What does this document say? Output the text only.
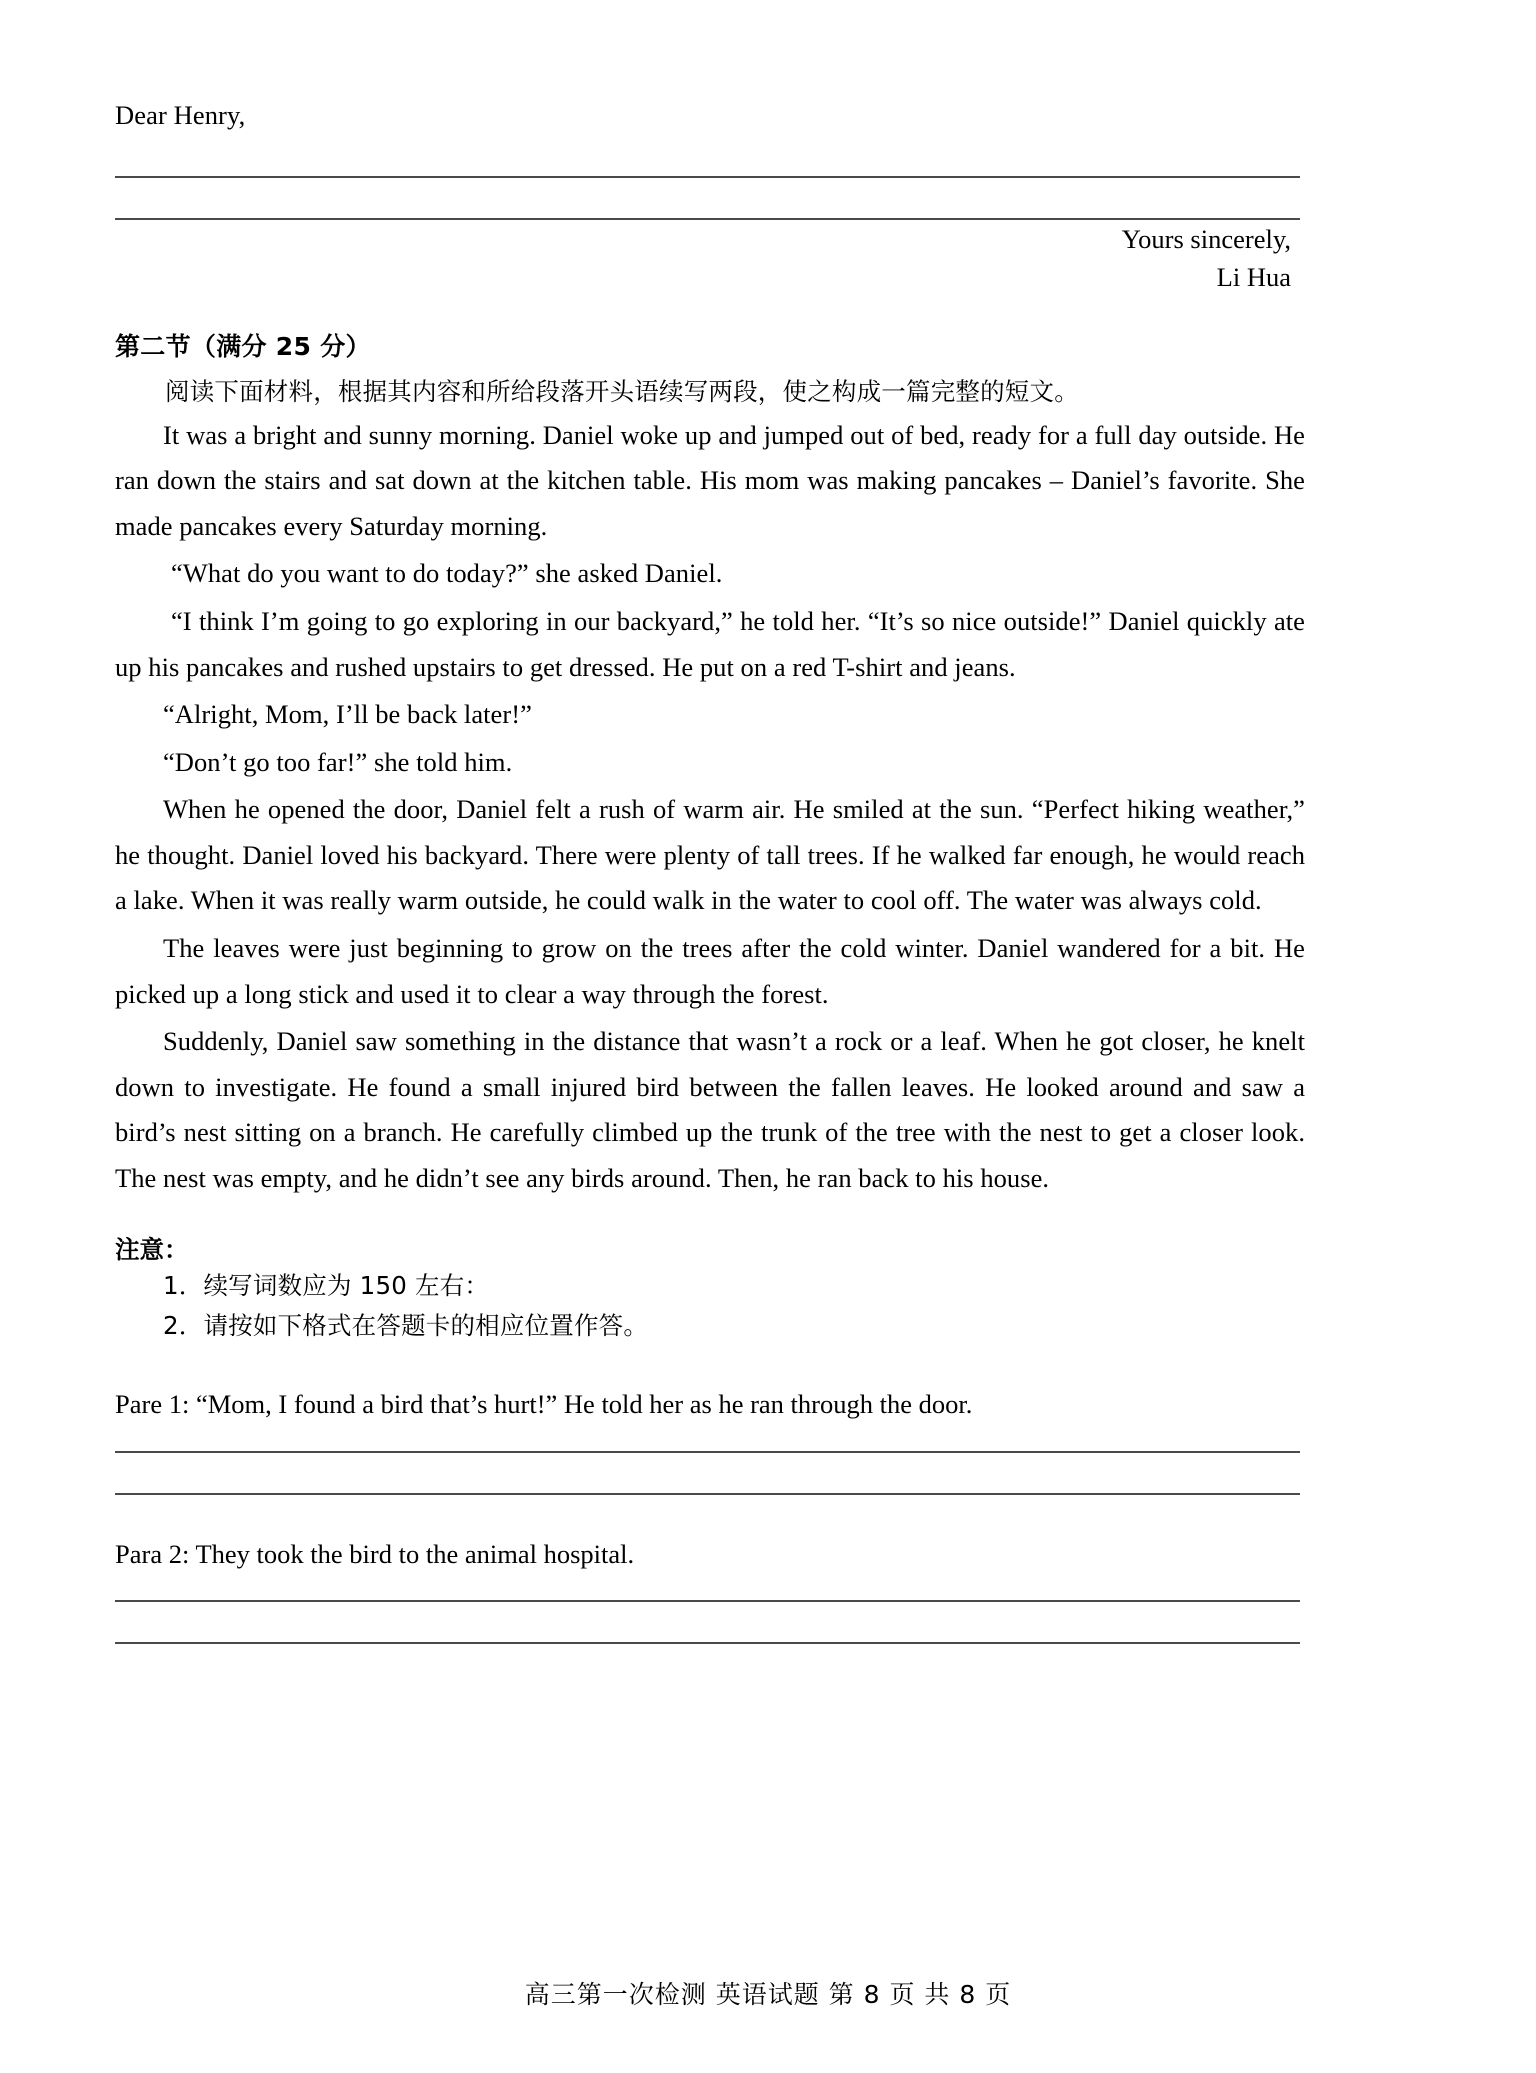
Dear Henry,
Yours sincerely,
Li Hua
第二节（满分 25 分）
阅读下面材料，根据其内容和所给段落开头语续写两段，使之构成一篇完整的短文。
It was a bright and sunny morning. Daniel woke up and jumped out of bed, ready for a full day outside. He ran down the stairs and sat down at the kitchen table. His mom was making pancakes – Daniel’s favorite. She made pancakes every Saturday morning.
“What do you want to do today?” she asked Daniel.
“I think I’m going to go exploring in our backyard,” he told her. “It’s so nice outside!” Daniel quickly ate up his pancakes and rushed upstairs to get dressed. He put on a red T-shirt and jeans.
“Alright, Mom, I’ll be back later!”
“Don’t go too far!” she told him.
When he opened the door, Daniel felt a rush of warm air. He smiled at the sun. “Perfect hiking weather,” he thought. Daniel loved his backyard. There were plenty of tall trees. If he walked far enough, he would reach a lake. When it was really warm outside, he could walk in the water to cool off. The water was always cold.
The leaves were just beginning to grow on the trees after the cold winter. Daniel wandered for a bit. He picked up a long stick and used it to clear a way through the forest.
Suddenly, Daniel saw something in the distance that wasn’t a rock or a leaf. When he got closer, he knelt down to investigate. He found a small injured bird between the fallen leaves. He looked around and saw a bird’s nest sitting on a branch. He carefully climbed up the trunk of the tree with the nest to get a closer look. The nest was empty, and he didn’t see any birds around. Then, he ran back to his house.
注意：
1．续写词数应为 150 左右：
2．请按如下格式在答题卡的相应位置作答。
Pare 1: “Mom, I found a bird that’s hurt!” He told her as he ran through the door.
Para 2: They took the bird to the animal hospital.
高三第一次检测 英语试题 第 8 页 共 8 页
